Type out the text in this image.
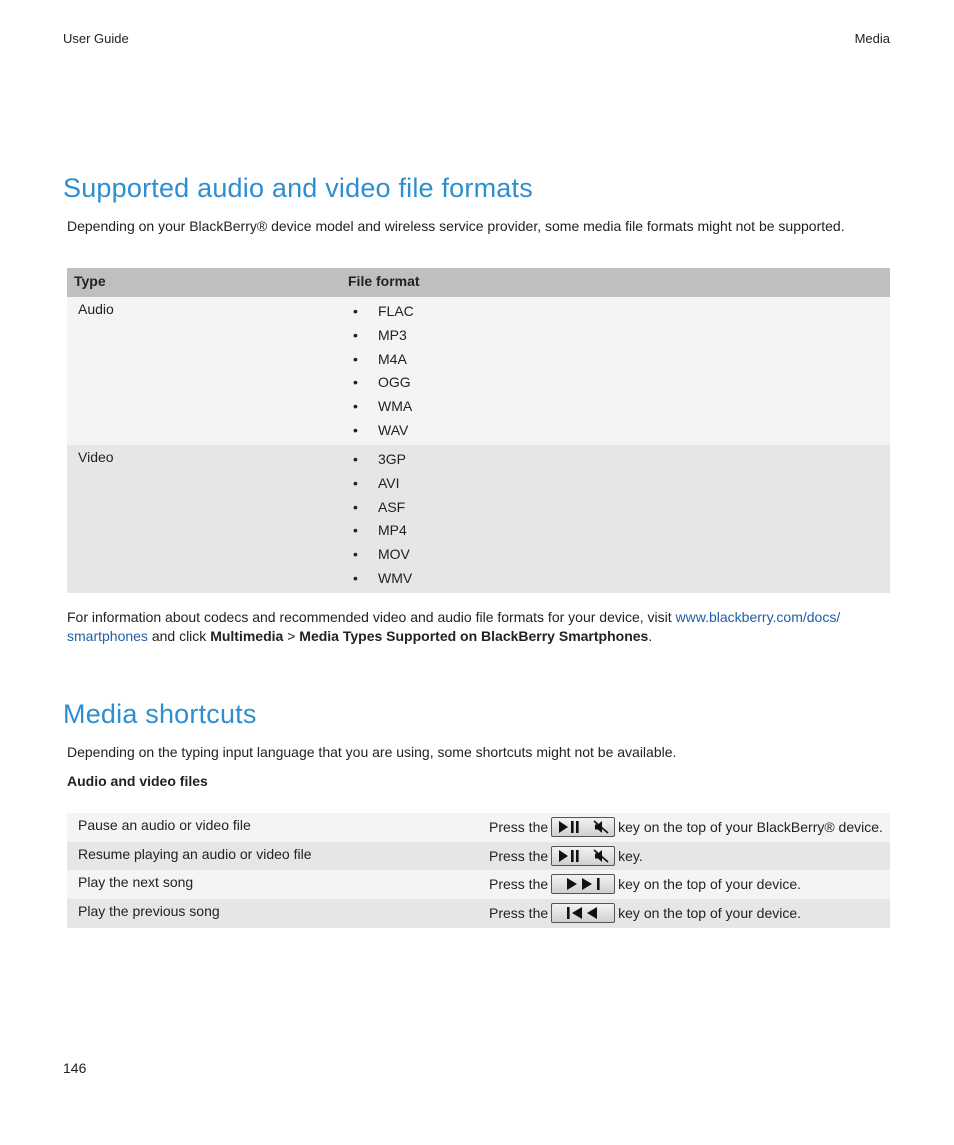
User Guide	Media
Supported audio and video file formats
Depending on your BlackBerry® device model and wireless service provider, some media file formats might not be supported.
Type	File format
Audio	• FLAC
• MP3
• M4A
• OGG
• WMA
• WAV
Video	• 3GP
• AVI
• ASF
• MP4
• MOV
• WMV
For information about codecs and recommended video and audio file formats for your device, visit www.blackberry.com/docs/
smartphones and click Multimedia > Media Types Supported on BlackBerry Smartphones.
Media shortcuts
Depending on the typing input language that you are using, some shortcuts might not be available.
Audio and video files
Pause an audio or video file	Press the	key on the top of your BlackBerry® device.
Resume playing an audio or video file	Press the	key.
Play the next song	Press the	key on the top of your device.
Play the previous song	Press the	key on the top of your device.
146
